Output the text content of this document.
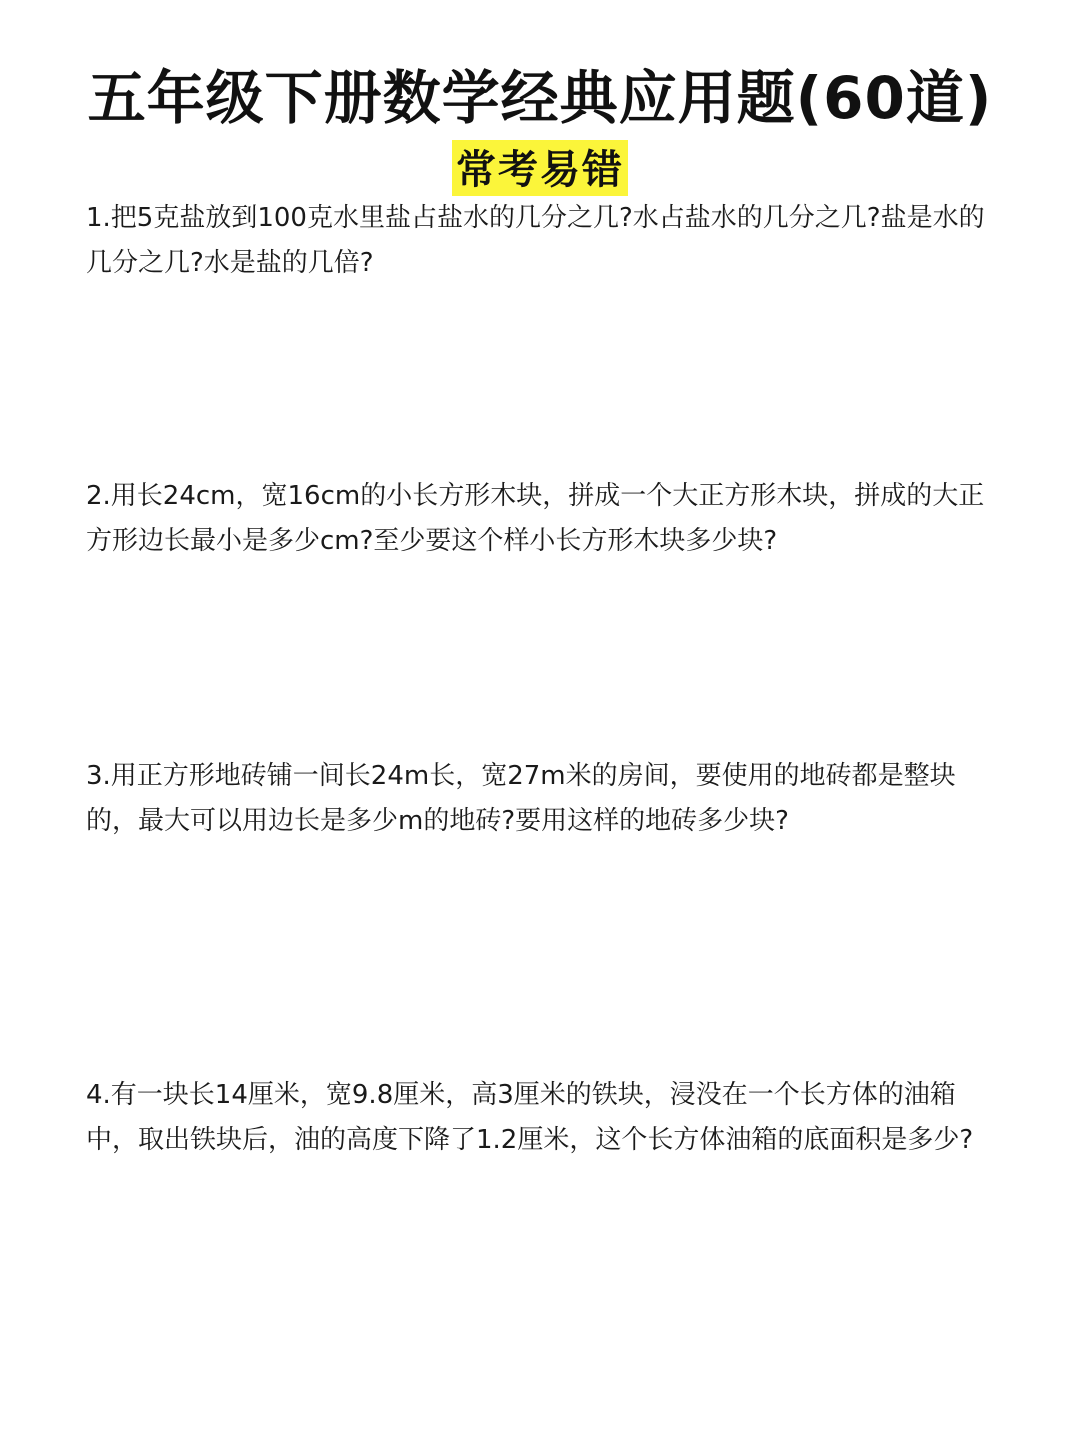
五年级下册数学经典应用题(60道)
常考易错
1.把5克盐放到100克水里盐占盐水的几分之几?水占盐水的几分之几?盐是水的几分之几?水是盐的几倍?
2.用长24cm，宽16cm的小长方形木块，拼成一个大正方形木块，拼成的大正方形边长最小是多少cm?至少要这个样小长方形木块多少块?
3.用正方形地砖铺一间长24m长，宽27m米的房间，要使用的地砖都是整块的，最大可以用边长是多少m的地砖?要用这样的地砖多少块?
4.有一块长14厘米，宽9.8厘米，高3厘米的铁块，浸没在一个长方体的油箱中，取出铁块后，油的高度下降了1.2厘米，这个长方体油箱的底面积是多少?
